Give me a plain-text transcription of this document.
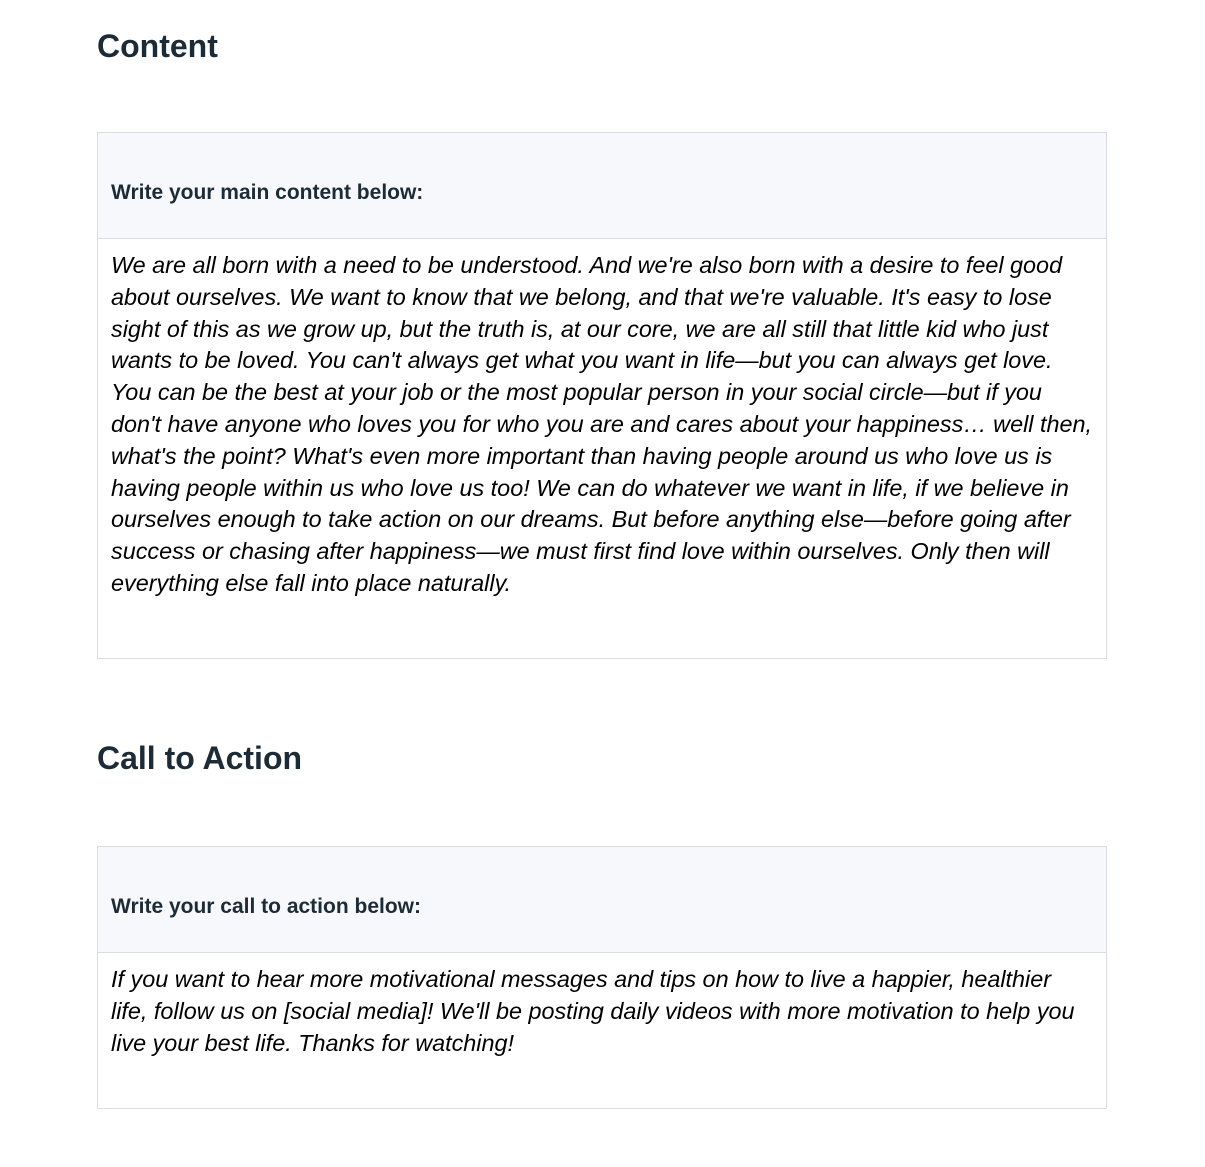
Content
Write your main content below:
We are all born with a need to be understood. And we're also born with a desire to feel good about ourselves. We want to know that we belong, and that we're valuable. It's easy to lose sight of this as we grow up, but the truth is, at our core, we are all still that little kid who just wants to be loved. You can't always get what you want in life—but you can always get love. You can be the best at your job or the most popular person in your social circle—but if you don't have anyone who loves you for who you are and cares about your happiness… well then, what's the point? What's even more important than having people around us who love us is having people within us who love us too! We can do whatever we want in life, if we believe in ourselves enough to take action on our dreams. But before anything else—before going after success or chasing after happiness—we must first find love within ourselves. Only then will everything else fall into place naturally.
Call to Action
Write your call to action below:
If you want to hear more motivational messages and tips on how to live a happier, healthier life, follow us on [social media]! We'll be posting daily videos with more motivation to help you live your best life. Thanks for watching!
